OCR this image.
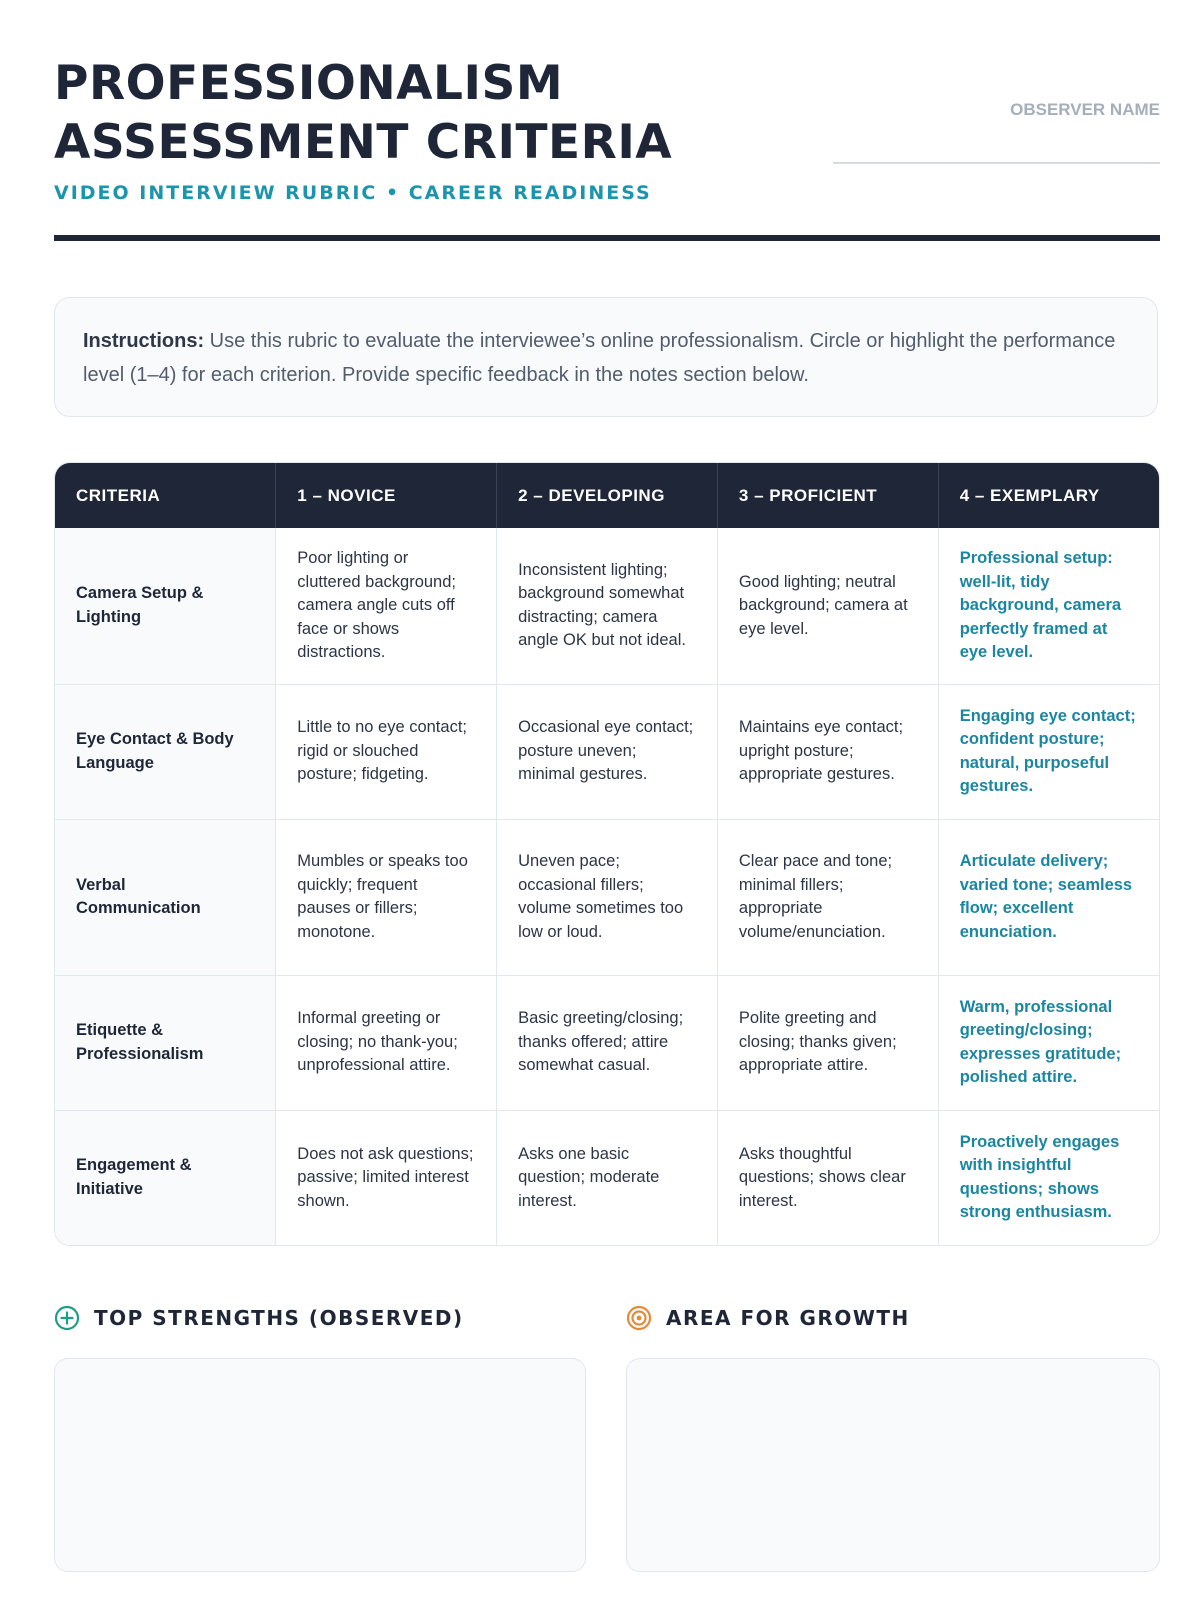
PROFESSIONALISM
ASSESSMENT CRITERIA
VIDEO INTERVIEW RUBRIC • CAREER READINESS
OBSERVER NAME
Instructions: Use this rubric to evaluate the interviewee’s online professionalism. Circle or highlight the performance level (1–4) for each criterion. Provide specific feedback in the notes section below.
CRITERIA	1 – NOVICE	2 – DEVELOPING	3 – PROFICIENT	4 – EXEMPLARY
Camera Setup & Lighting	Poor lighting or cluttered background; camera angle cuts off face or shows distractions.	Inconsistent lighting; background somewhat distracting; camera angle OK but not ideal.	Good lighting; neutral background; camera at eye level.	Professional setup: well-lit, tidy background, camera perfectly framed at eye level.
Eye Contact & Body Language	Little to no eye contact; rigid or slouched posture; fidgeting.	Occasional eye contact; posture uneven; minimal gestures.	Maintains eye contact; upright posture; appropriate gestures.	Engaging eye contact; confident posture; natural, purposeful gestures.
Verbal Communication	Mumbles or speaks too quickly; frequent pauses or fillers; monotone.	Uneven pace; occasional fillers; volume sometimes too low or loud.	Clear pace and tone; minimal fillers; appropriate volume/enunciation.	Articulate delivery; varied tone; seamless flow; excellent enunciation.
Etiquette & Professionalism	Informal greeting or closing; no thank-you; unprofessional attire.	Basic greeting/closing; thanks offered; attire somewhat casual.	Polite greeting and closing; thanks given; appropriate attire.	Warm, professional greeting/closing; expresses gratitude; polished attire.
Engagement & Initiative	Does not ask questions; passive; limited interest shown.	Asks one basic question; moderate interest.	Asks thoughtful questions; shows clear interest.	Proactively engages with insightful questions; shows strong enthusiasm.
TOP STRENGTHS (OBSERVED)	AREA FOR GROWTH
